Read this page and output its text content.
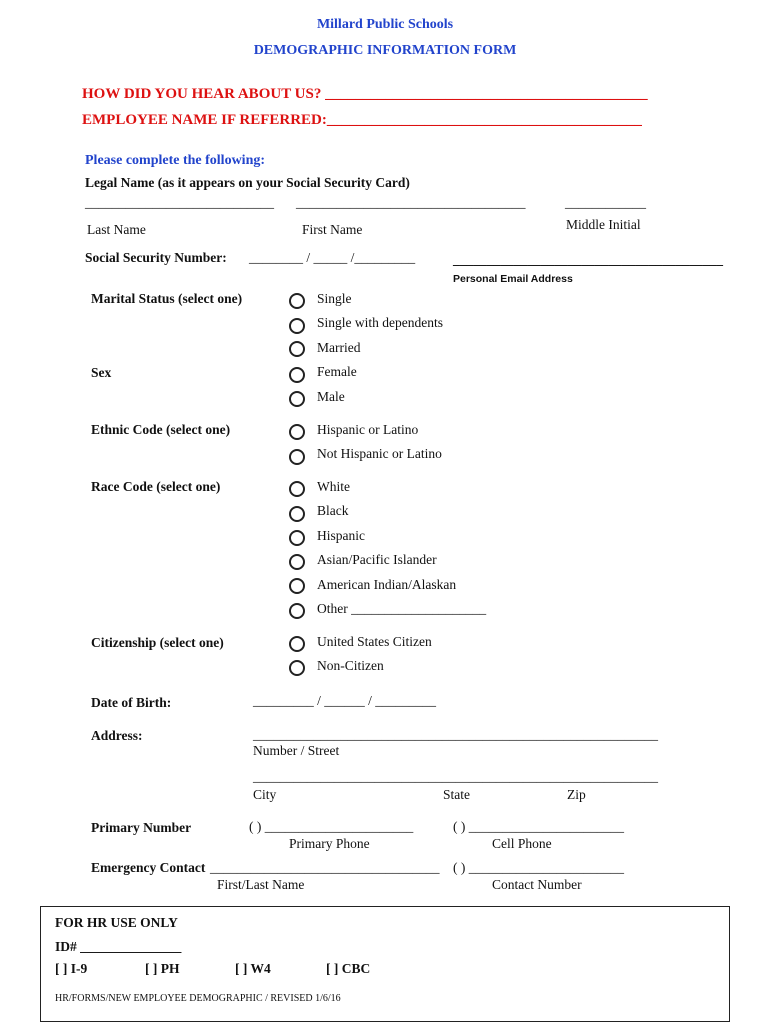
Millard Public Schools
DEMOGRAPHIC INFORMATION FORM
HOW DID YOU HEAR ABOUT US? ___________________________________________
EMPLOYEE NAME IF REFERRED:__________________________________________
Please complete the following:
Legal Name (as it appears on your Social Security Card)
____________________________ __________________________________	____________
Last Name	First Name	Middle Initial
Social Security Number: ________ / _____ /_________	________________________________________
Personal Email Address
Marital Status (select one)	Single
Single with dependents
Married
Sex	Female
Male
Ethnic Code (select one)	Hispanic or Latino
Not Hispanic or Latino
Race Code (select one)	White
Black
Hispanic
Asian/Pacific Islander
American Indian/Alaskan
Other ____________________
Citizenship (select one)	United States Citizen
Non-Citizen
Date of Birth:	_________ / ______ / _________
Address:	____________________________________________________________
Number / Street
____________________________________________________________
City	State	Zip
Primary Number	( ) ______________________	( ) _______________________
Primary Phone	Cell Phone
Emergency Contact __________________________________ ( ) _______________________
First/Last Name	Contact Number
FOR HR USE ONLY
ID# _______________
[ ] I-9	[ ] PH	[ ] W4	[ ] CBC
HR/FORMS/NEW EMPLOYEE DEMOGRAPHIC / REVISED 1/6/16
